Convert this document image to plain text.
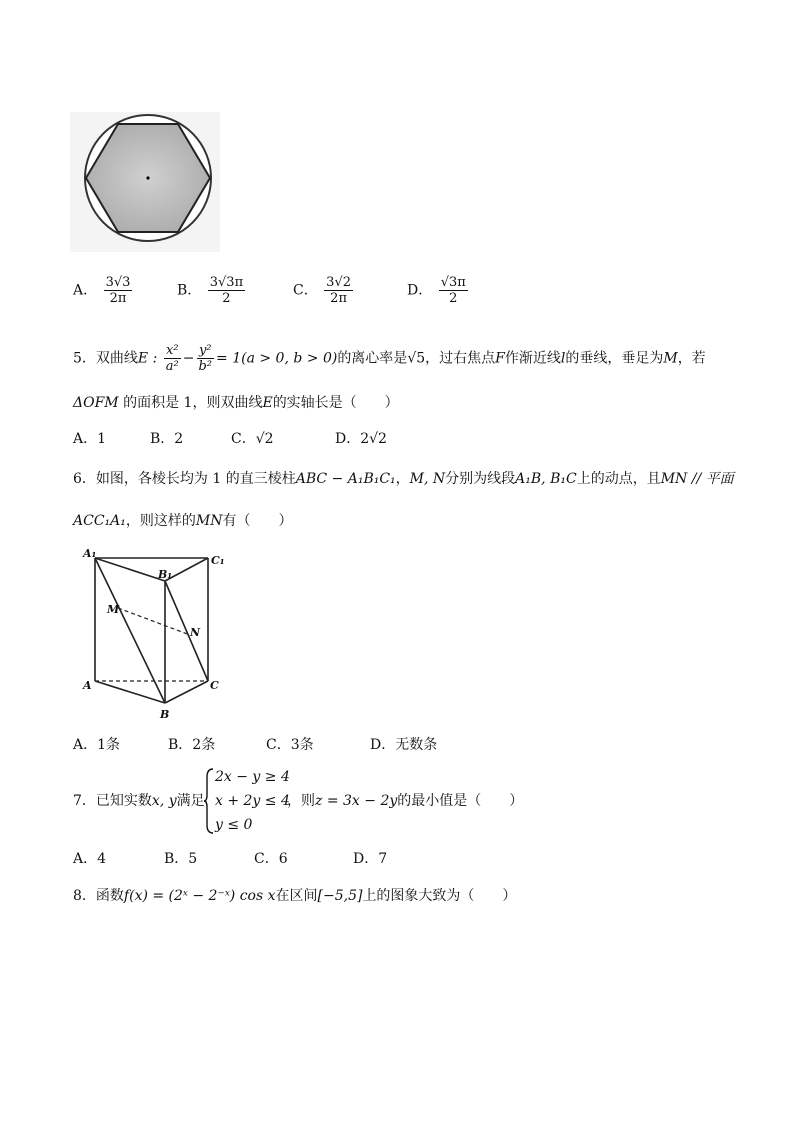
A． $\frac{3√3}{2\pi}$	B． $\frac{3√3\pi}{2}$	C． $\frac{3√2}{2\pi}$	D． $\frac{√3\pi}{2}$
5．双曲线E : $\frac{\text{x²}}{\text{a²}} - \frac{\text{y²}}{\text{b²}} = 1(a > 0$, b > 0)的离心率是√5，过右焦点F作渐近线l的垂线，垂足为M，若
ΔOFM 的面积是 1，则双曲线E的实轴长是（　　）
A．1	B．2	C．√2	D．2√2
6．如图，各棱长均为 1 的直三棱柱ABC − A₁B₁C₁，M, N分别为线段A₁B, B₁C上的动点，且MN // 平面
ACC₁A₁，则这样的MN有（　　）
A₁
B₁
C₁
M
N
A
B
C
A．1条	B．2条	C．3条	D．无数条
7．已知实数x, y满足
2x − y ≥ 4
x + 2y ≤ 4
y ≤ 0
，则z = 3x − 2y的最小值是（　　）
A．4	B．5	C．6	D．7
8．函数f(x) = (2ˣ − 2⁻ˣ) cos x在区间[−5,5]上的图象大致为（　　）
